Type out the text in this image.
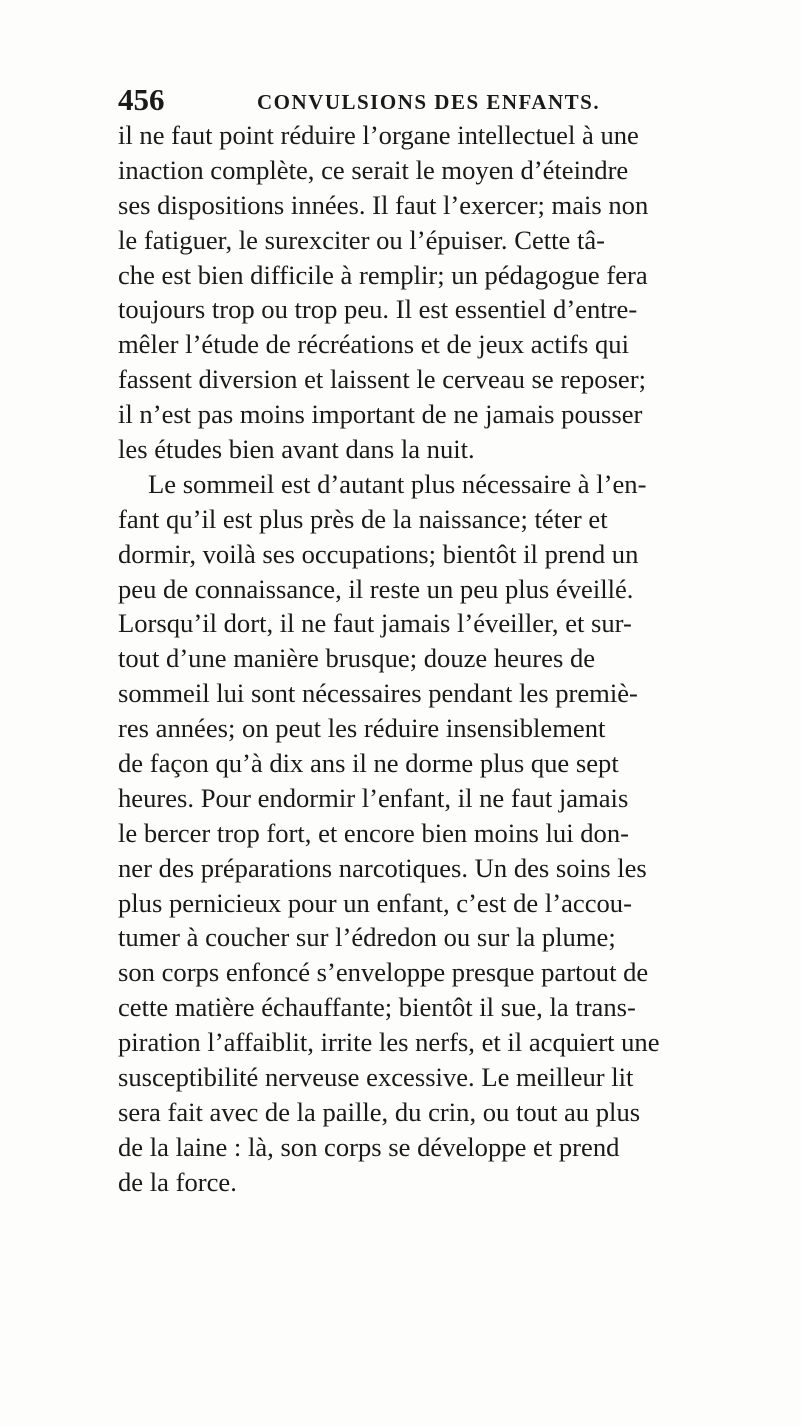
456	CONVULSIONS DES ENFANTS.
il ne faut point réduire l’organe intellectuel à une
inaction complète, ce serait le moyen d’éteindre
ses dispositions innées. Il faut l’exercer; mais non
le fatiguer, le surexciter ou l’épuiser. Cette tâ-
che est bien difficile à remplir; un pédagogue fera
toujours trop ou trop peu. Il est essentiel d’entre-
mêler l’étude de récréations et de jeux actifs qui
fassent diversion et laissent le cerveau se reposer;
il n’est pas moins important de ne jamais pousser
les études bien avant dans la nuit.
Le sommeil est d’autant plus nécessaire à l’en-
fant qu’il est plus près de la naissance; téter et
dormir, voilà ses occupations; bientôt il prend un
peu de connaissance, il reste un peu plus éveillé.
Lorsqu’il dort, il ne faut jamais l’éveiller, et sur-
tout d’une manière brusque; douze heures de
sommeil lui sont nécessaires pendant les premiè-
res années; on peut les réduire insensiblement
de façon qu’à dix ans il ne dorme plus que sept
heures. Pour endormir l’enfant, il ne faut jamais
le bercer trop fort, et encore bien moins lui don-
ner des préparations narcotiques. Un des soins les
plus pernicieux pour un enfant, c’est de l’accou-
tumer à coucher sur l’édredon ou sur la plume;
son corps enfoncé s’enveloppe presque partout de
cette matière échauffante; bientôt il sue, la trans-
piration l’affaiblit, irrite les nerfs, et il acquiert une
susceptibilité nerveuse excessive. Le meilleur lit
sera fait avec de la paille, du crin, ou tout au plus
de la laine : là, son corps se développe et prend
de la force.
